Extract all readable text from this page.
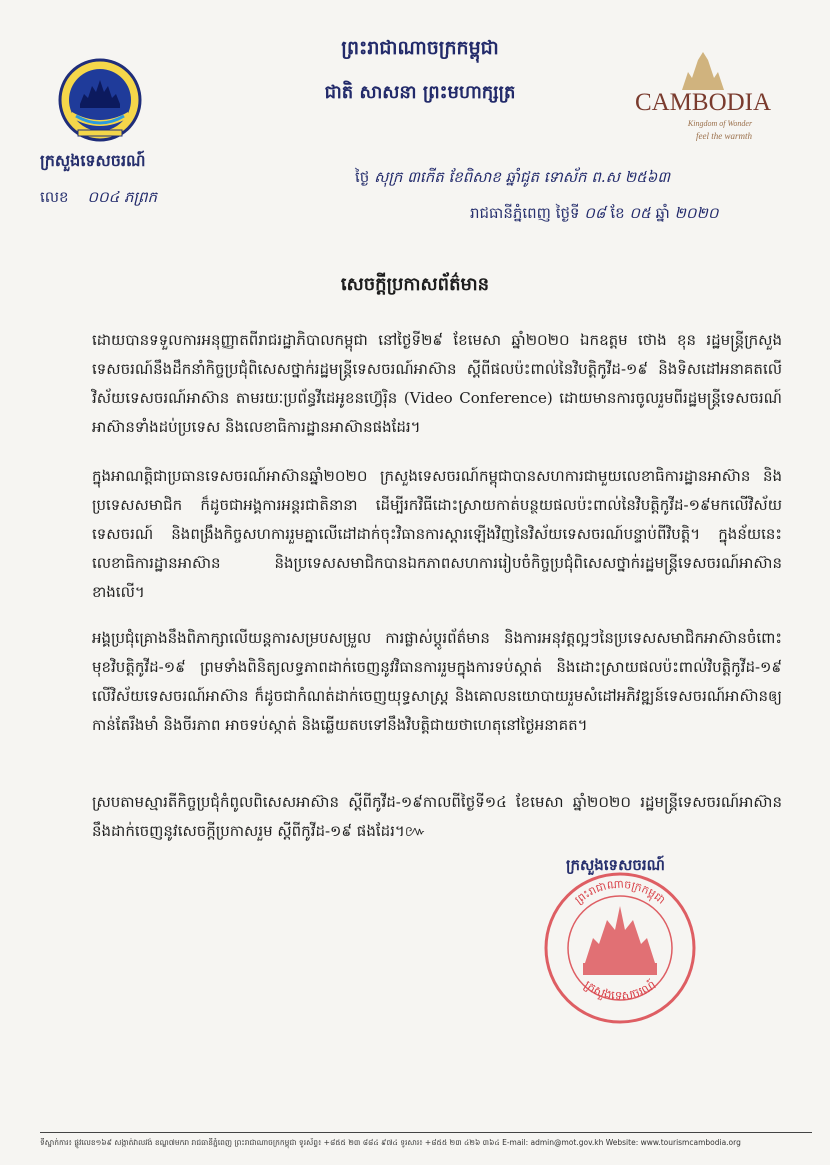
ព្រះរាជាណាចក្រកម្ពុជា
ជាតិ សាសនា ព្រះមហាក្សត្រ	CAMBODIA
Kingdom of Wonder
feel the warmth
ក្រសួងទេសចរណ៍
លេខ ០០៤ ភព្រក
ថ្ងៃ សុក្រ ៣កើត ខែពិសាខ ឆ្នាំជូត ទោស័ក ព.ស ២៥៦៣
រាជធានីភ្នំពេញ ថ្ងៃទី ០៨ ខែ ០៥ ឆ្នាំ ២០២០
សេចក្តីប្រកាសព័ត៌មាន
ដោយបានទទួលការអនុញ្ញាតពីរាជរដ្ឋាភិបាលកម្ពុជា នៅថ្ងៃទី២៩ ខែមេសា ឆ្នាំ២០២០ ឯកឧត្តម ថោង ខុន រដ្ឋមន្ត្រីក្រសួងទេសចរណ៍នឹងដឹកនាំកិច្ចប្រជុំពិសេសថ្នាក់រដ្ឋមន្ត្រីទេសចរណ៍អាស៊ាន ស្តីពីផលប៉ះពាល់នៃវិបត្តិកូវីដ-១៩ និងទិសដៅអនាគតលើវិស័យទេសចរណ៍អាស៊ាន តាមរយៈប្រព័ន្ធវីដេអូខនហ្វ៊េរ៉ិន (Video Conference) ដោយមានការចូលរួមពីរដ្ឋមន្ត្រីទេសចរណ៍អាស៊ានទាំងដប់ប្រទេស និងលេខាធិការដ្ឋានអាស៊ានផងដែរ។
ក្នុងអាណត្តិជាប្រធានទេសចរណ៍អាស៊ានឆ្នាំ២០២០ ក្រសួងទេសចរណ៍កម្ពុជាបានសហការជាមួយលេខាធិការដ្ឋានអាស៊ាន និងប្រទេសសមាជិក ក៏ដូចជាអង្គការអន្តរជាតិនានា ដើម្បីរកវិធីដោះស្រាយកាត់បន្ថយផលប៉ះពាល់នៃវិបត្តិកូវីដ-១៩មកលើវិស័យទេសចរណ៍ និងពង្រឹងកិច្ចសហការរួមគ្នាលើដៅដាក់ចុះវិធានការស្តារឡើងវិញនៃវិស័យទេសចរណ៍បន្ទាប់ពីវិបត្តិ។ ក្នុងន័យនេះ លេខាធិការដ្ឋានអាស៊ាន និងប្រទេសសមាជិកបានឯកភាពសហការរៀបចំកិច្ចប្រជុំពិសេសថ្នាក់រដ្ឋមន្ត្រីទេសចរណ៍អាស៊ាន ខាងលើ។
អង្គប្រជុំគ្រោងនឹងពិភាក្សាលើយន្តការសម្របសម្រួល ការផ្លាស់ប្តូរព័ត៌មាន និងការអនុវត្តល្អៗនៃប្រទេសសមាជិកអាស៊ានចំពោះមុខវិបត្តិកូវីដ-១៩ ព្រមទាំងពិនិត្យលទ្ធភាពដាក់ចេញនូវវិធានការរួមក្នុងការទប់ស្កាត់ និងដោះស្រាយផលប៉ះពាល់វិបត្តិកូវីដ-១៩ លើវិស័យទេសចរណ៍អាស៊ាន ក៏ដូចជាកំណត់ដាក់ចេញយុទ្ធសាស្ត្រ និងគោលនយោបាយរួមសំដៅអភិវឌ្ឍន៍ទេសចរណ៍អាស៊ានឲ្យកាន់តែរឹងមាំ និងចីរភាព អាចទប់ស្កាត់ និងឆ្លើយតបទៅនឹងវិបត្តិជាយថាហេតុនៅថ្ងៃអនាគត។
ស្របតាមស្មារតីកិច្ចប្រជុំកំពូលពិសេសអាស៊ាន ស្តីពីកូវីដ-១៩កាលពីថ្ងៃទី១៤ ខែមេសា ឆ្នាំ២០២០ រដ្ឋមន្ត្រីទេសចរណ៍អាស៊ាននឹងដាក់ចេញនូវសេចក្តីប្រកាសរួម ស្តីពីកូវីដ-១៩ ផងដែរ។៚
ក្រសួងទេសចរណ៍
ព្រះរាជាណាចក្រកម្ពុជា
ក្រសួងទេសចរណ៍
ទីស្នាក់ការ៖ ផ្លូវលេខ១៦៩ សង្កាត់វាលវង់ ខណ្ឌ៧មករា រាជធានីភ្នំពេញ ព្រះរាជាណាចក្រកម្ពុជា ទូរស័ព្ទ៖ +៨៥៥ ២៣ ៨៨៤ ៩៧៤ ទូរសារ៖ +៨៥៥ ២៣ ៤២៦ ៣៦៤ E-mail: admin@mot.gov.kh Website: www.tourismcambodia.org
